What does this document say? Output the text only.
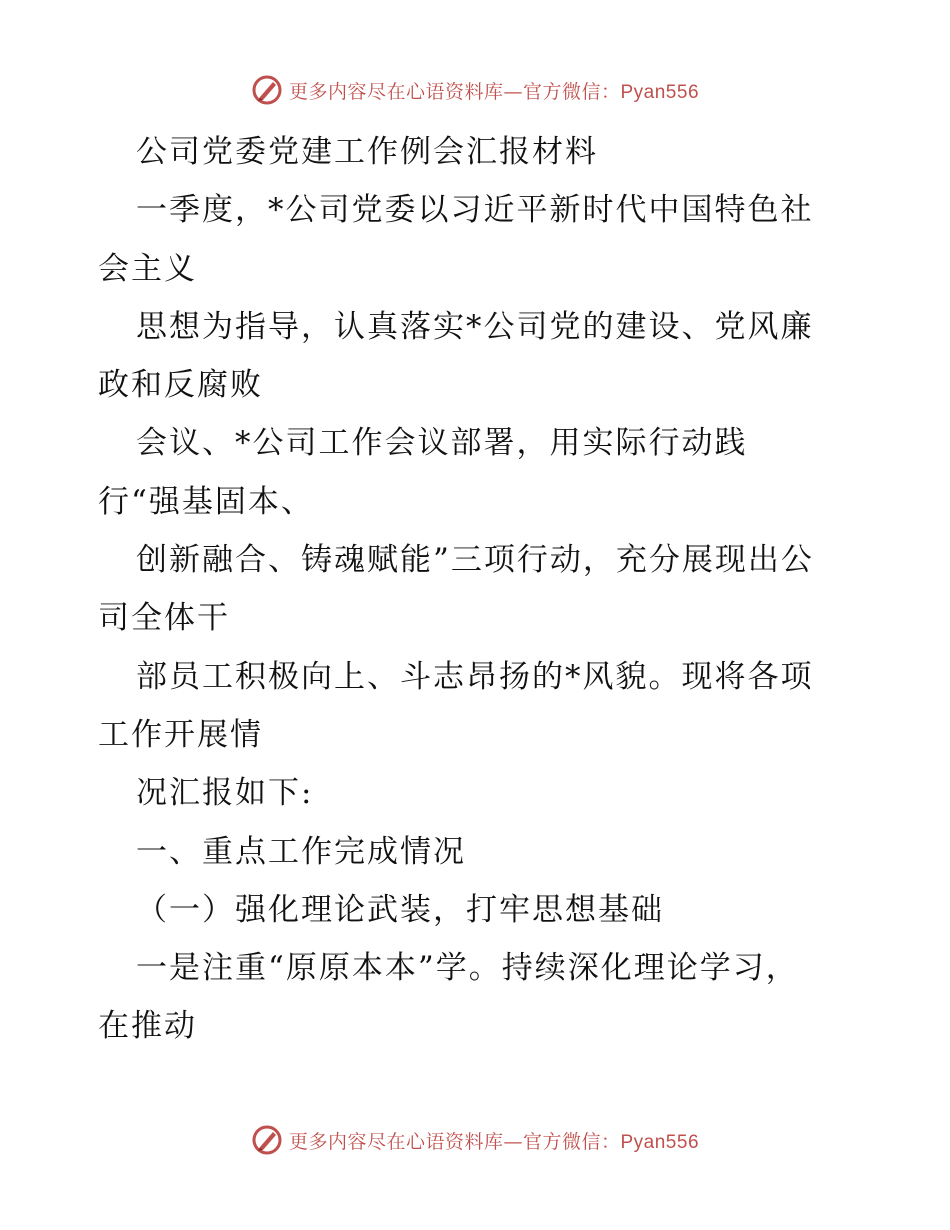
更多内容尽在心语资料库—官方微信：Pyan556
公司党委党建工作例会汇报材料
一季度，*公司党委以习近平新时代中国特色社
会主义
思想为指导，认真落实*公司党的建设、党风廉
政和反腐败
会议、*公司工作会议部署，用实际行动践
行“强基固本、
创新融合、铸魂赋能”三项行动，充分展现出公
司全体干
部员工积极向上、斗志昂扬的*风貌。现将各项
工作开展情
况汇报如下:
一、重点工作完成情况
（一）强化理论武装，打牢思想基础
一是注重“原原本本”学。持续深化理论学习，
在推动
更多内容尽在心语资料库—官方微信：Pyan556
